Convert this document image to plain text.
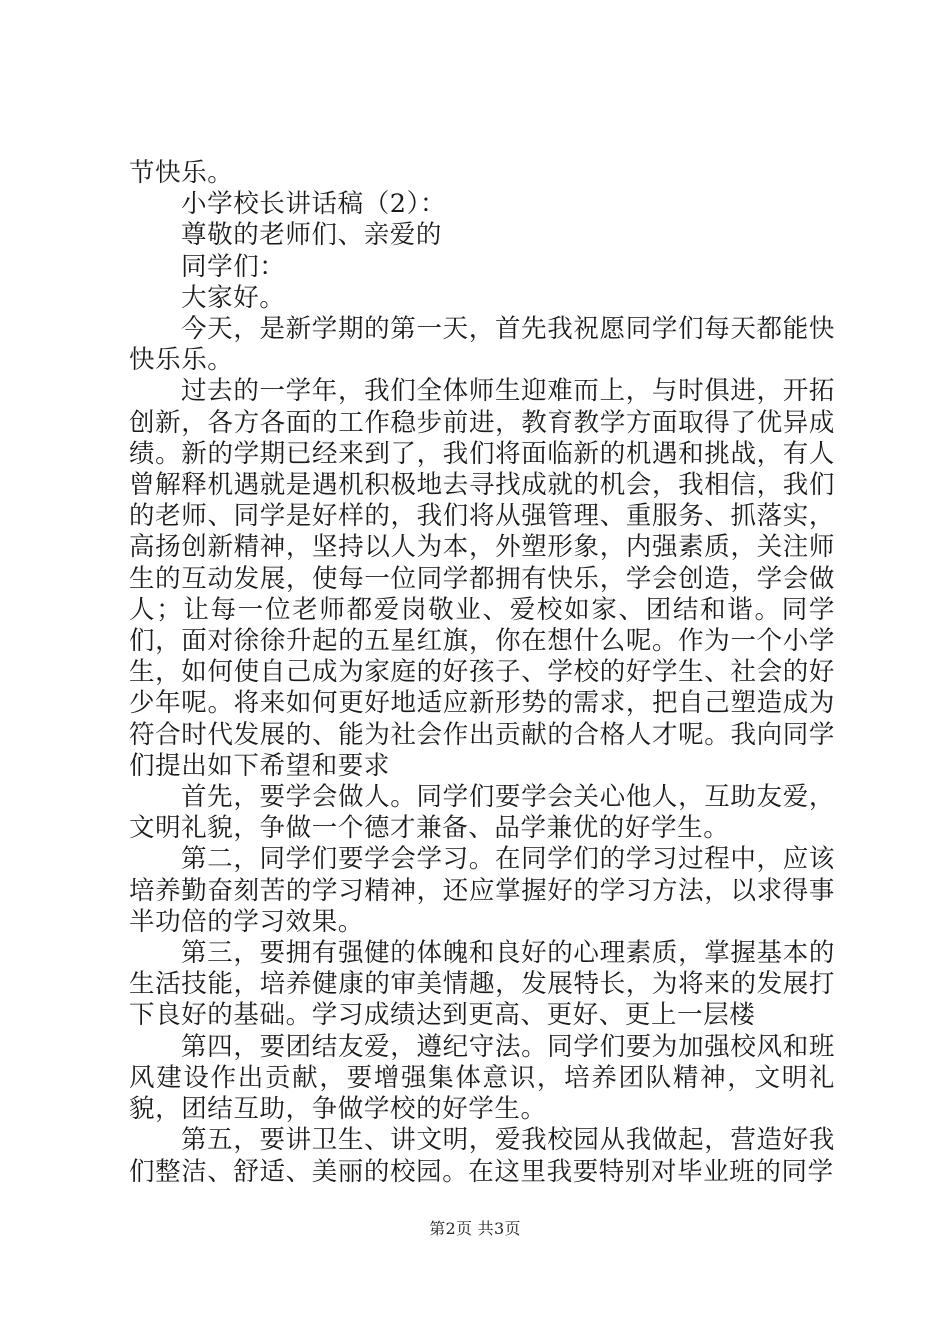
节快乐。

小学校长讲话稿（2）：

尊敬的老师们、亲爱的

同学们：

大家好。

今天，是新学期的第一天，首先我祝愿同学们每天都能快快乐乐。

过去的一学年，我们全体师生迎难而上，与时俱进，开拓创新，各方各面的工作稳步前进，教育教学方面取得了优异成绩。新的学期已经来到了，我们将面临新的机遇和挑战，有人曾解释机遇就是遇机积极地去寻找成就的机会，我相信，我们的老师、同学是好样的，我们将从强管理、重服务、抓落实，高扬创新精神，坚持以人为本，外塑形象，内强素质，关注师生的互动发展，使每一位同学都拥有快乐，学会创造，学会做人；让每一位老师都爱岗敬业、爱校如家、团结和谐。同学们，面对徐徐升起的五星红旗，你在想什么呢。作为一个小学生，如何使自己成为家庭的好孩子、学校的好学生、社会的好少年呢。将来如何更好地适应新形势的需求，把自己塑造成为符合时代发展的、能为社会作出贡献的合格人才呢。我向同学们提出如下希望和要求

首先，要学会做人。同学们要学会关心他人，互助友爱，文明礼貌，争做一个德才兼备、品学兼优的好学生。

第二，同学们要学会学习。在同学们的学习过程中，应该培养勤奋刻苦的学习精神，还应掌握好的学习方法，以求得事半功倍的学习效果。

第三，要拥有强健的体魄和良好的心理素质，掌握基本的生活技能，培养健康的审美情趣，发展特长，为将来的发展打下良好的基础。学习成绩达到更高、更好、更上一层楼

第四，要团结友爱，遵纪守法。同学们要为加强校风和班风建设作出贡献，要增强集体意识，培养团队精神，文明礼貌，团结互助，争做学校的好学生。

第五，要讲卫生、讲文明，爱我校园从我做起，营造好我们整洁、舒适、美丽的校园。在这里我要特别对毕业班的同学

第2页 共3页
